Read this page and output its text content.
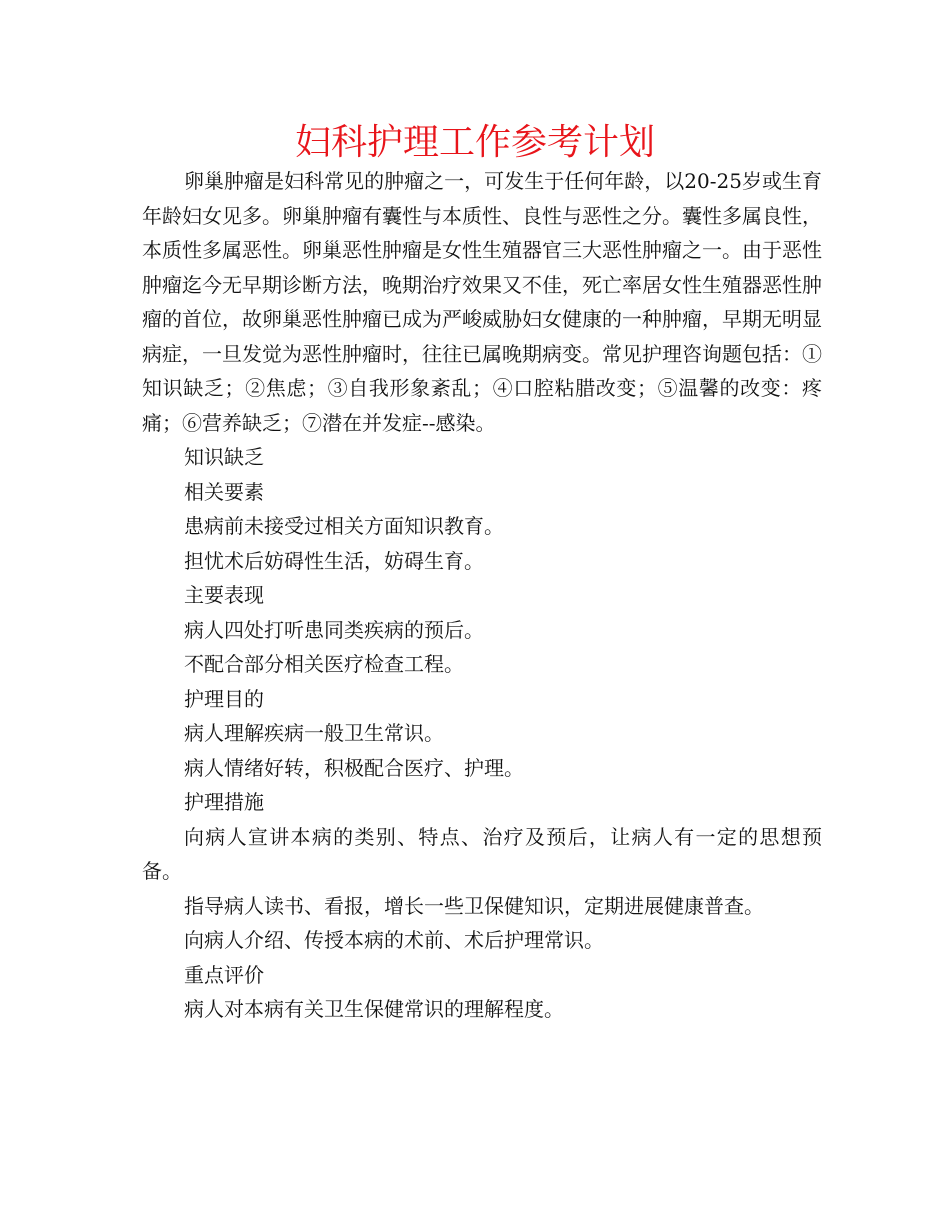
妇科护理工作参考计划

卵巢肿瘤是妇科常见的肿瘤之一，可发生于任何年龄，以20-25岁或生育年龄妇女见多。卵巢肿瘤有囊性与本质性、良性与恶性之分。囊性多属良性，本质性多属恶性。卵巢恶性肿瘤是女性生殖器官三大恶性肿瘤之一。由于恶性肿瘤迄今无早期诊断方法，晚期治疗效果又不佳，死亡率居女性生殖器恶性肿瘤的首位，故卵巢恶性肿瘤已成为严峻威胁妇女健康的一种肿瘤，早期无明显病症，一旦发觉为恶性肿瘤时，往往已属晚期病变。常见护理咨询题包括：①知识缺乏；②焦虑；③自我形象紊乱；④口腔粘腊改变；⑤温馨的改变：疼痛；⑥营养缺乏；⑦潜在并发症--感染。

知识缺乏

相关要素

患病前未接受过相关方面知识教育。

担忧术后妨碍性生活，妨碍生育。

主要表现

病人四处打听患同类疾病的预后。

不配合部分相关医疗检查工程。

护理目的

病人理解疾病一般卫生常识。

病人情绪好转，积极配合医疗、护理。

护理措施

向病人宣讲本病的类别、特点、治疗及预后，让病人有一定的思想预备。

指导病人读书、看报，增长一些卫保健知识，定期进展健康普查。

向病人介绍、传授本病的术前、术后护理常识。

重点评价

病人对本病有关卫生保健常识的理解程度。
